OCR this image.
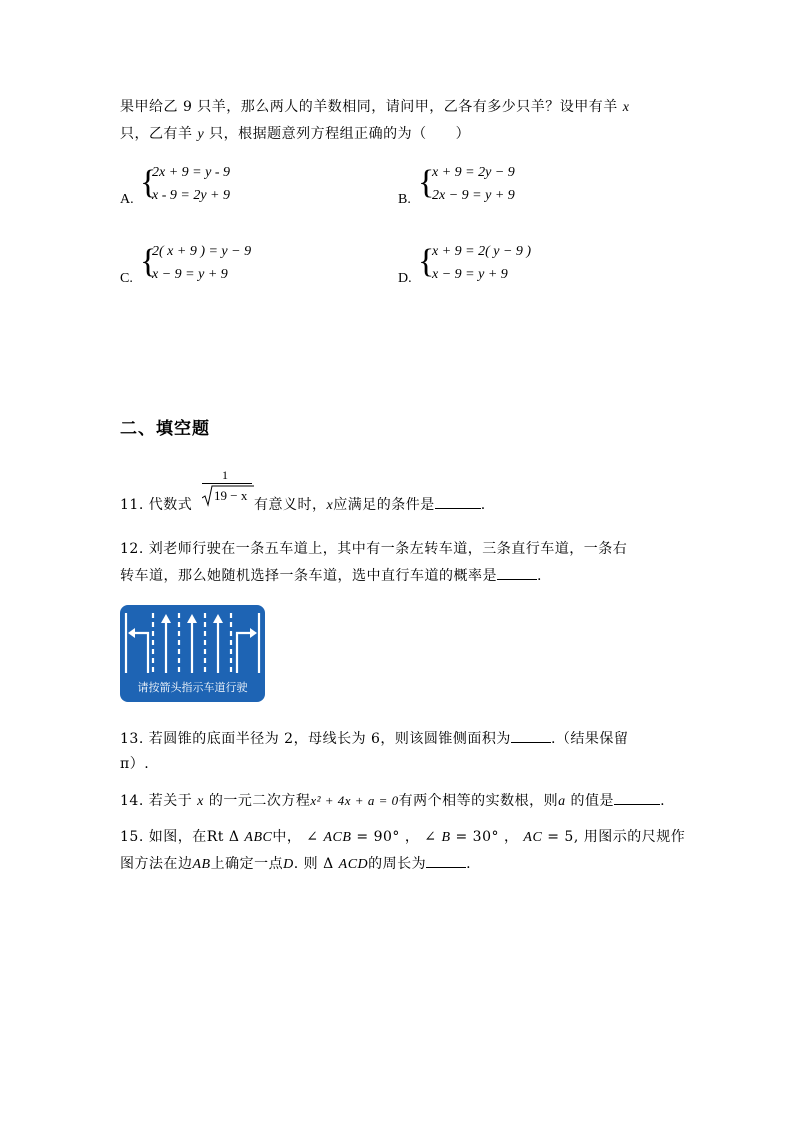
果甲给乙 9 只羊，那么两人的羊数相同，请问甲，乙各有多少只羊？设甲有羊 x
只，乙有羊 y 只，根据题意列方程组正确的为（　　）
A. {
2x + 9 = y - 9
x - 9 = 2y + 9	B. {
x + 9 = 2y − 9
2x − 9 = y + 9
C. {
2( x + 9 ) = y − 9
x − 9 = y + 9	D. {
x + 9 = 2( y − 9 )
x − 9 = y + 9
二、填空题
11. 代数式
1
19 − x
有意义时，x应满足的条件是	.
12. 刘老师行驶在一条五车道上，其中有一条左转车道，三条直行车道，一条右
转车道，那么她随机选择一条车道，选中直行车道的概率是	.
请按箭头指示车道行驶
13. 若圆锥的底面半径为 2，母线长为 6，则该圆锥侧面积为	.（结果保留
π）.
14. 若关于 x 的一元二次方程x² + 4x + a = 0有两个相等的实数根，则a 的值是	.
15. 如图，在Rt Δ ABC中， ∠ ACB = 90° ， ∠ B = 30° ， AC = 5, 用图示的尺规作
图方法在边AB上确定一点D. 则 Δ ACD的周长为	.
